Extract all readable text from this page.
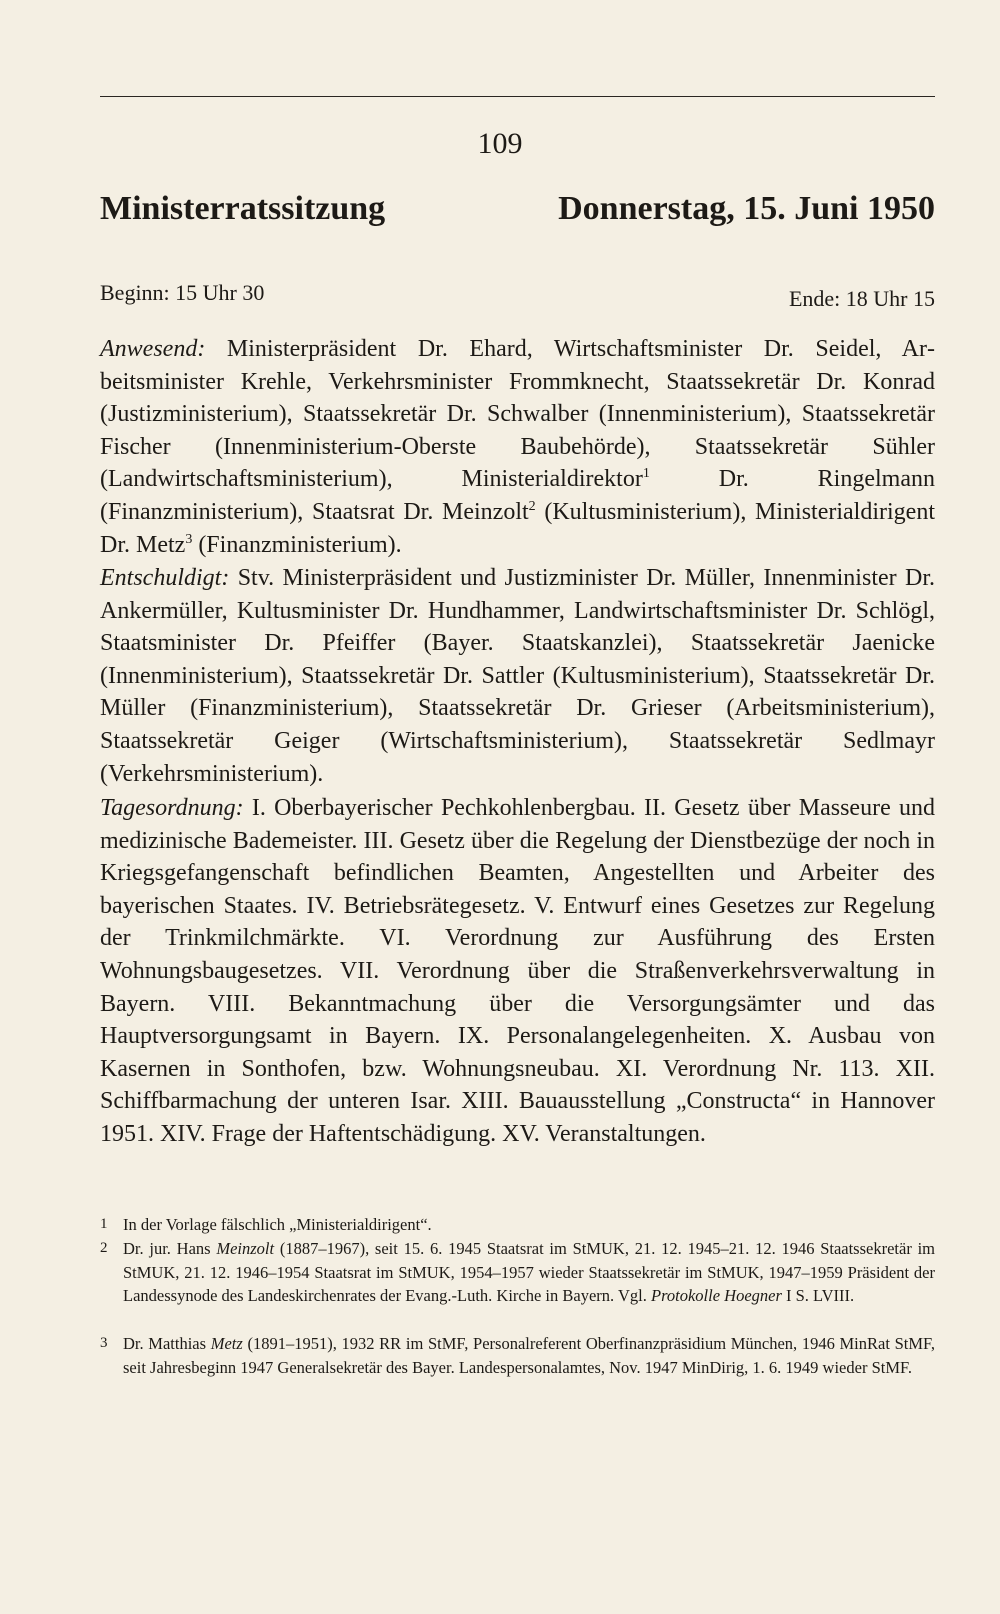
109
Ministerratssitzung	Donnerstag, 15. Juni 1950
Beginn: 15 Uhr 30	Ende: 18 Uhr 15
Anwesend: Ministerpräsident Dr. Ehard, Wirtschaftsminister Dr. Seidel, Arbeitsminister Krehle, Verkehrsminister Frommknecht, Staatssekretär Dr. Konrad (Justizministerium), Staatssekretär Dr. Schwalber (Innenministerium), Staatssekretär Fischer (Innenministerium-Oberste Baubehörde), Staatssekretär Sühler (Landwirtschaftsministerium), Ministerialdirektor$^1$ Dr. Ringelmann (Finanzministerium), Staatsrat Dr. Meinzolt$^2$ (Kultusministerium), Ministerialdirigent Dr. Metz$^3$ (Finanzministerium).
Entschuldigt: Stv. Ministerpräsident und Justizminister Dr. Müller, Innenminister Dr. Ankermüller, Kultusminister Dr. Hundhammer, Landwirtschaftsminister Dr. Schlögl, Staatsminister Dr. Pfeiffer (Bayer. Staatskanzlei), Staatssekretär Jaenicke (Innenministerium), Staatssekretär Dr. Sattler (Kultusministerium), Staatssekretär Dr. Müller (Finanzministerium), Staatssekretär Dr. Grieser (Arbeitsministerium), Staatssekretär Geiger (Wirtschaftsministerium), Staatssekretär Sedlmayr (Verkehrsministerium).
Tagesordnung: I. Oberbayerischer Pechkohlenbergbau. II. Gesetz über Masseure und medizinische Bademeister. III. Gesetz über die Regelung der Dienstbezüge der noch in Kriegsgefangenschaft befindlichen Beamten, Angestellten und Arbeiter des bayerischen Staates. IV. Betriebsrätegesetz. V. Entwurf eines Gesetzes zur Regelung der Trinkmilchmärkte. VI. Verordnung zur Ausführung des Ersten Wohnungsbaugesetzes. VII. Verordnung über die Straßenverkehrsverwaltung in Bayern. VIII. Bekanntmachung über die Versorgungsämter und das Hauptversorgungsamt in Bayern. IX. Personalangelegenheiten. X. Ausbau von Kasernen in Sonthofen, bzw. Wohnungsneubau. XI. Verordnung Nr. 113. XII. Schiffbarmachung der unteren Isar. XIII. Bauausstellung „Constructa“ in Hannover 1951. XIV. Frage der Haftentschädigung. XV. Veranstaltungen.
1 In der Vorlage fälschlich „Ministerialdirigent“.
2 Dr. jur. Hans Meinzolt (1887–1967), seit 15. 6. 1945 Staatsrat im StMUK, 21. 12. 1945–21. 12. 1946 Staatssekretär im StMUK, 21. 12. 1946–1954 Staatsrat im StMUK, 1954–1957 wieder Staatssekretär im StMUK, 1947–1959 Präsident der Landessynode des Landeskirchenrates der Evang.-Luth. Kirche in Bayern. Vgl. Protokolle Hoegner I S. LVIII.
3 Dr. Matthias Metz (1891–1951), 1932 RR im StMF, Personalreferent Oberfinanzpräsidium München, 1946 MinRat StMF, seit Jahresbeginn 1947 Generalsekretär des Bayer. Landespersonalamtes, Nov. 1947 MinDirig, 1. 6. 1949 wieder StMF.
